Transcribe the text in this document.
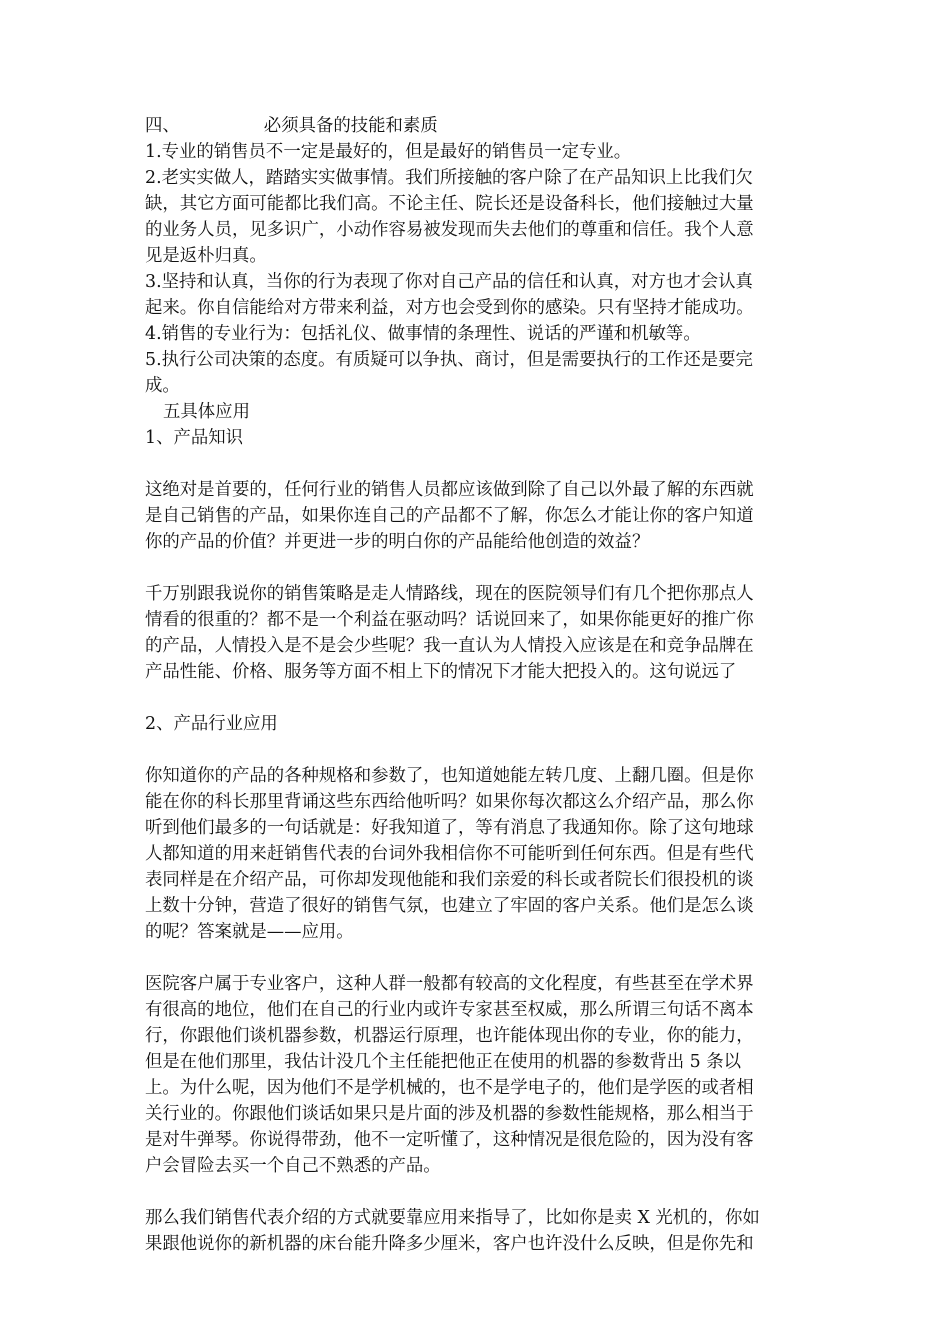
四、	必须具备的技能和素质
1.专业的销售员不一定是最好的，但是最好的销售员一定专业。
2.老实实做人，踏踏实实做事情。我们所接触的客户除了在产品知识上比我们欠
缺，其它方面可能都比我们高。不论主任、院长还是设备科长，他们接触过大量
的业务人员，见多识广，小动作容易被发现而失去他们的尊重和信任。我个人意
见是返朴归真。
3.坚持和认真，当你的行为表现了你对自己产品的信任和认真，对方也才会认真
起来。你自信能给对方带来利益，对方也会受到你的感染。只有坚持才能成功。
4.销售的专业行为：包括礼仪、做事情的条理性、说话的严谨和机敏等。
5.执行公司决策的态度。有质疑可以争执、商讨，但是需要执行的工作还是要完
成。
五具体应用
1、产品知识
这绝对是首要的，任何行业的销售人员都应该做到除了自己以外最了解的东西就
是自己销售的产品，如果你连自己的产品都不了解，你怎么才能让你的客户知道
你的产品的价值？并更进一步的明白你的产品能给他创造的效益？
千万别跟我说你的销售策略是走人情路线，现在的医院领导们有几个把你那点人
情看的很重的？都不是一个利益在驱动吗？话说回来了，如果你能更好的推广你
的产品，人情投入是不是会少些呢？我一直认为人情投入应该是在和竞争品牌在
产品性能、价格、服务等方面不相上下的情况下才能大把投入的。这句说远了
2、产品行业应用
你知道你的产品的各种规格和参数了，也知道她能左转几度、上翻几圈。但是你
能在你的科长那里背诵这些东西给他听吗？如果你每次都这么介绍产品，那么你
听到他们最多的一句话就是：好我知道了，等有消息了我通知你。除了这句地球
人都知道的用来赶销售代表的台词外我相信你不可能听到任何东西。但是有些代
表同样是在介绍产品，可你却发现他能和我们亲爱的科长或者院长们很投机的谈
上数十分钟，营造了很好的销售气氛，也建立了牢固的客户关系。他们是怎么谈
的呢？答案就是——应用。
医院客户属于专业客户，这种人群一般都有较高的文化程度，有些甚至在学术界
有很高的地位，他们在自己的行业内或许专家甚至权威，那么所谓三句话不离本
行，你跟他们谈机器参数，机器运行原理，也许能体现出你的专业，你的能力，
但是在他们那里，我估计没几个主任能把他正在使用的机器的参数背出 5 条以
上。为什么呢，因为他们不是学机械的，也不是学电子的，他们是学医的或者相
关行业的。你跟他们谈话如果只是片面的涉及机器的参数性能规格，那么相当于
是对牛弹琴。你说得带劲，他不一定听懂了，这种情况是很危险的，因为没有客
户会冒险去买一个自己不熟悉的产品。
那么我们销售代表介绍的方式就要靠应用来指导了，比如你是卖 X 光机的，你如
果跟他说你的新机器的床台能升降多少厘米，客户也许没什么反映，但是你先和
